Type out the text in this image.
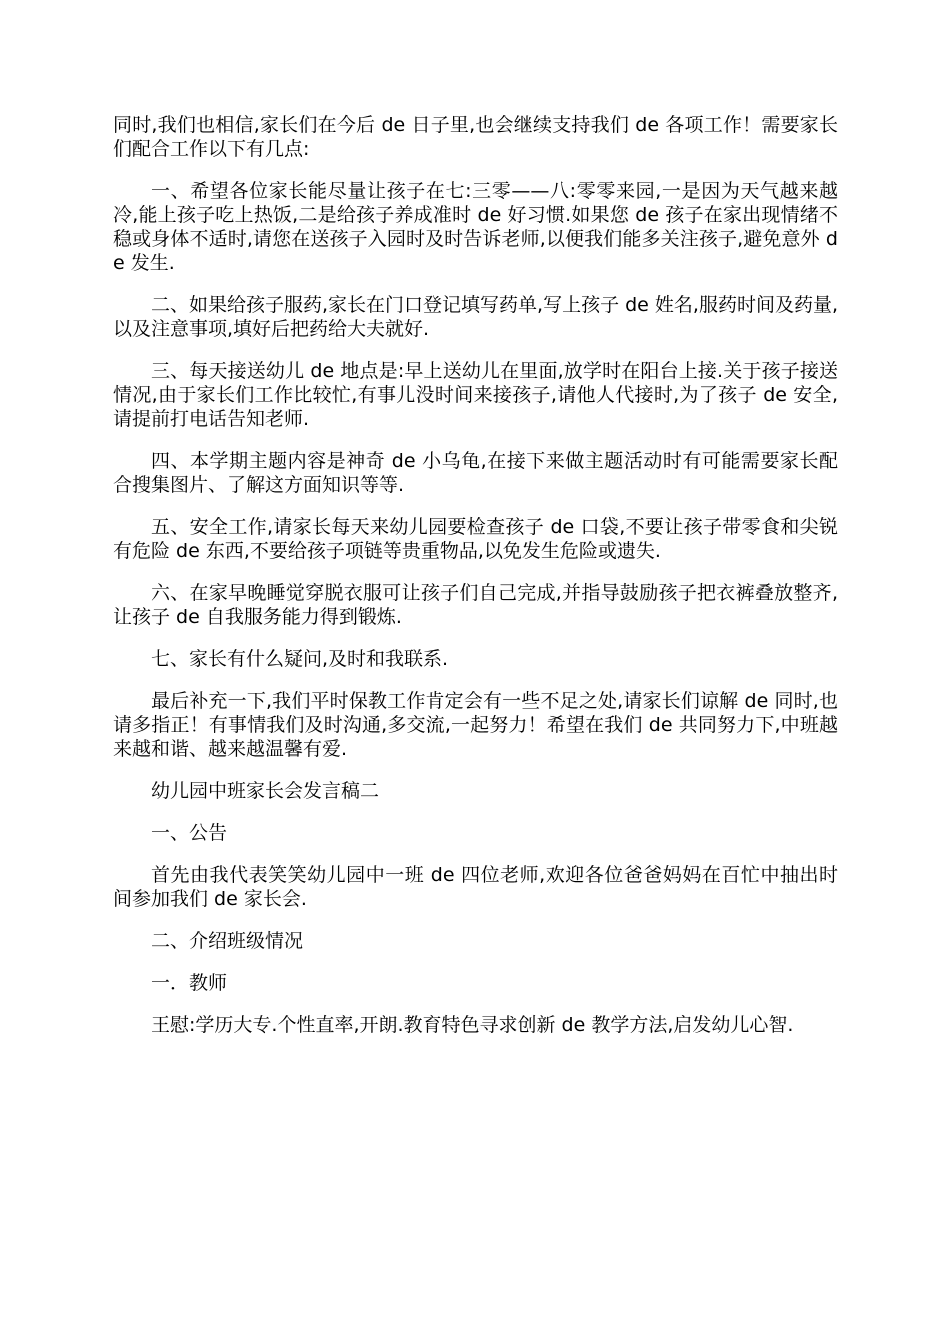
同时,我们也相信,家长们在今后 de 日子里,也会继续支持我们 de 各项工作！需要家长们配合工作以下有几点:

一、希望各位家长能尽量让孩子在七:三零——八:零零来园,一是因为天气越来越冷,能上孩子吃上热饭,二是给孩子养成准时 de 好习惯.如果您 de 孩子在家出现情绪不稳或身体不适时,请您在送孩子入园时及时告诉老师,以便我们能多关注孩子,避免意外 de 发生.

二、如果给孩子服药,家长在门口登记填写药单,写上孩子 de 姓名,服药时间及药量,以及注意事项,填好后把药给大夫就好.

三、每天接送幼儿 de 地点是:早上送幼儿在里面,放学时在阳台上接.关于孩子接送情况,由于家长们工作比较忙,有事儿没时间来接孩子,请他人代接时,为了孩子 de 安全,请提前打电话告知老师.

四、本学期主题内容是神奇 de 小乌龟,在接下来做主题活动时有可能需要家长配合搜集图片、了解这方面知识等等.

五、安全工作,请家长每天来幼儿园要检查孩子 de 口袋,不要让孩子带零食和尖锐有危险 de 东西,不要给孩子项链等贵重物品,以免发生危险或遗失.

六、在家早晚睡觉穿脱衣服可让孩子们自己完成,并指导鼓励孩子把衣裤叠放整齐,让孩子 de 自我服务能力得到锻炼.

七、家长有什么疑问,及时和我联系.

最后补充一下,我们平时保教工作肯定会有一些不足之处,请家长们谅解 de 同时,也请多指正！有事情我们及时沟通,多交流,一起努力！希望在我们 de 共同努力下,中班越来越和谐、越来越温馨有爱.

幼儿园中班家长会发言稿二

一、公告

首先由我代表笑笑幼儿园中一班 de 四位老师,欢迎各位爸爸妈妈在百忙中抽出时间参加我们 de 家长会.

二、介绍班级情况

一．教师

王慰:学历大专.个性直率,开朗.教育特色寻求创新 de 教学方法,启发幼儿心智.
